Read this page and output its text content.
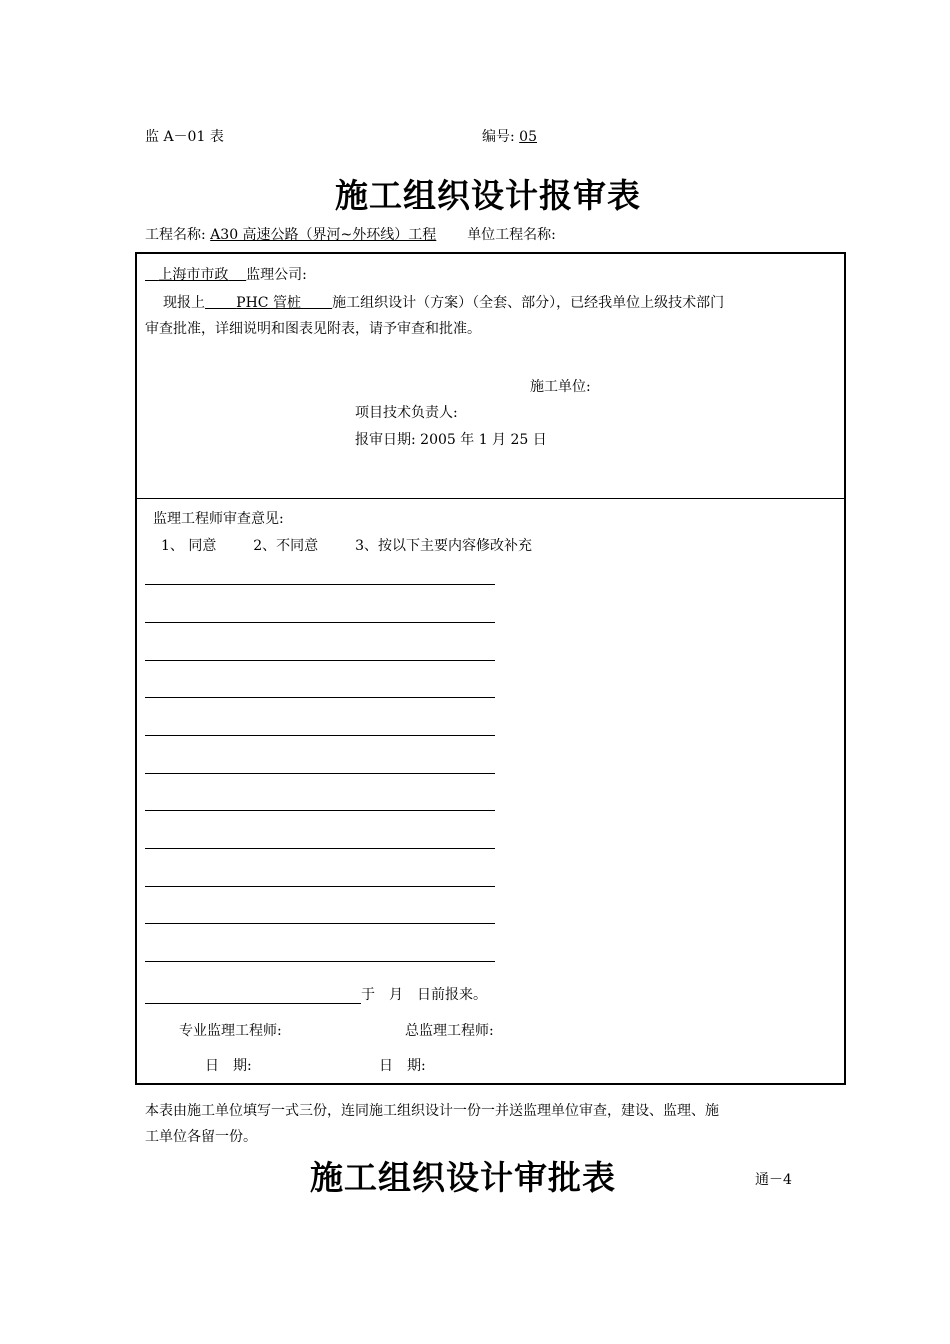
监 A－01 表	编号: 05
施工组织设计报审表
工程名称: A30 高速公路（界河~外环线）工程 单位工程名称:
上海市市政 监理公司:
现报上 PHC 管桩 施工组织设计（方案）（全套、部分），已经我单位上级技术部门
审查批准，详细说明和图表见附表，请予审查和批准。
施工单位:
项目技术负责人:
报审日期: 2005 年 1 月 25 日
监理工程师审查意见:
1、 同意	2、不同意	3、按以下主要内容修改补充
于　月　日前报来。
专业监理工程师:	总监理工程师:
日　期:	日　期:
本表由施工单位填写一式三份，连同施工组织设计一份一并送监理单位审查，建设、监理、施
工单位各留一份。
施工组织设计审批表	通－4
